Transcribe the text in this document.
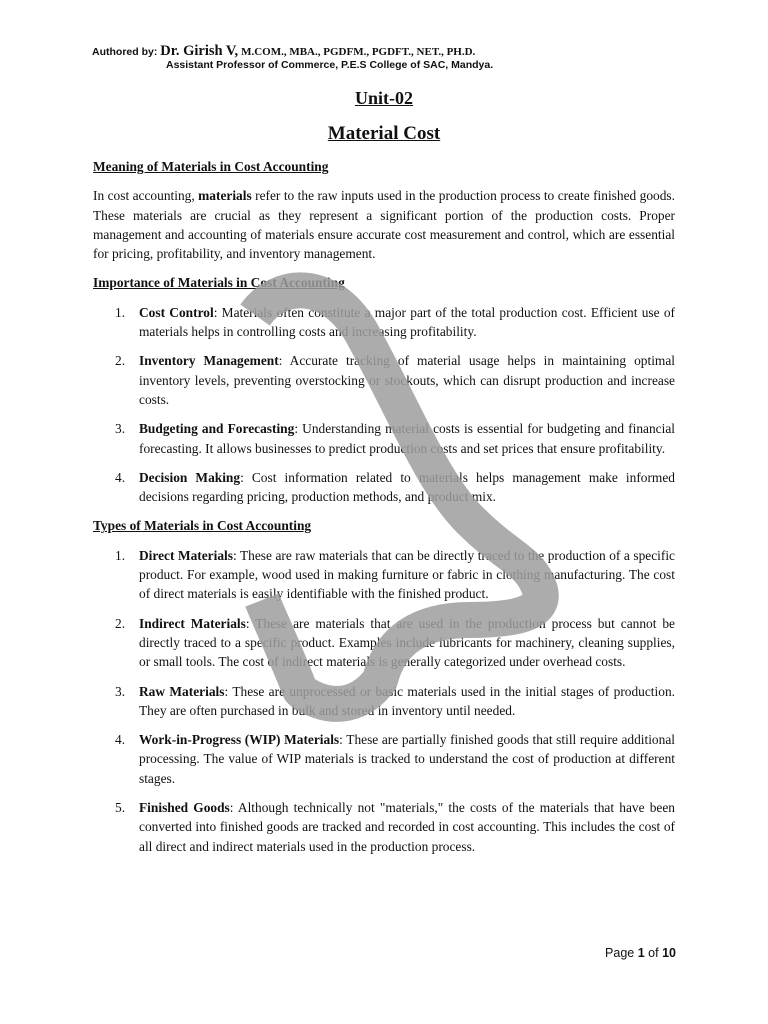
Authored by: Dr. Girish V, M.COM., MBA., PGDFM., PGDFT., NET., PH.D.
Assistant Professor of Commerce, P.E.S College of SAC, Mandya.
Unit-02
Material Cost
Meaning of Materials in Cost Accounting

In cost accounting, materials refer to the raw inputs used in the production process to create finished goods. These materials are crucial as they represent a significant portion of the production costs. Proper management and accounting of materials ensure accurate cost measurement and control, which are essential for pricing, profitability, and inventory management.

Importance of Materials in Cost Accounting
1. Cost Control: Materials often constitute a major part of the total production cost. Efficient use of materials helps in controlling costs and increasing profitability.
2. Inventory Management: Accurate tracking of material usage helps in maintaining optimal inventory levels, preventing overstocking or stockouts, which can disrupt production and increase costs.
3. Budgeting and Forecasting: Understanding material costs is essential for budgeting and financial forecasting. It allows businesses to predict production costs and set prices that ensure profitability.
4. Decision Making: Cost information related to materials helps management make informed decisions regarding pricing, production methods, and product mix.
Types of Materials in Cost Accounting
1. Direct Materials: These are raw materials that can be directly traced to the production of a specific product. For example, wood used in making furniture or fabric in clothing manufacturing. The cost of direct materials is easily identifiable with the finished product.
2. Indirect Materials: These are materials that are used in the production process but cannot be directly traced to a specific product. Examples include lubricants for machinery, cleaning supplies, or small tools. The cost of indirect materials is generally categorized under overhead costs.
3. Raw Materials: These are unprocessed or basic materials used in the initial stages of production. They are often purchased in bulk and stored in inventory until needed.
4. Work-in-Progress (WIP) Materials: These are partially finished goods that still require additional processing. The value of WIP materials is tracked to understand the cost of production at different stages.
5. Finished Goods: Although technically not "materials," the costs of the materials that have been converted into finished goods are tracked and recorded in cost accounting. This includes the cost of all direct and indirect materials used in the production process.
Page 1 of 10
